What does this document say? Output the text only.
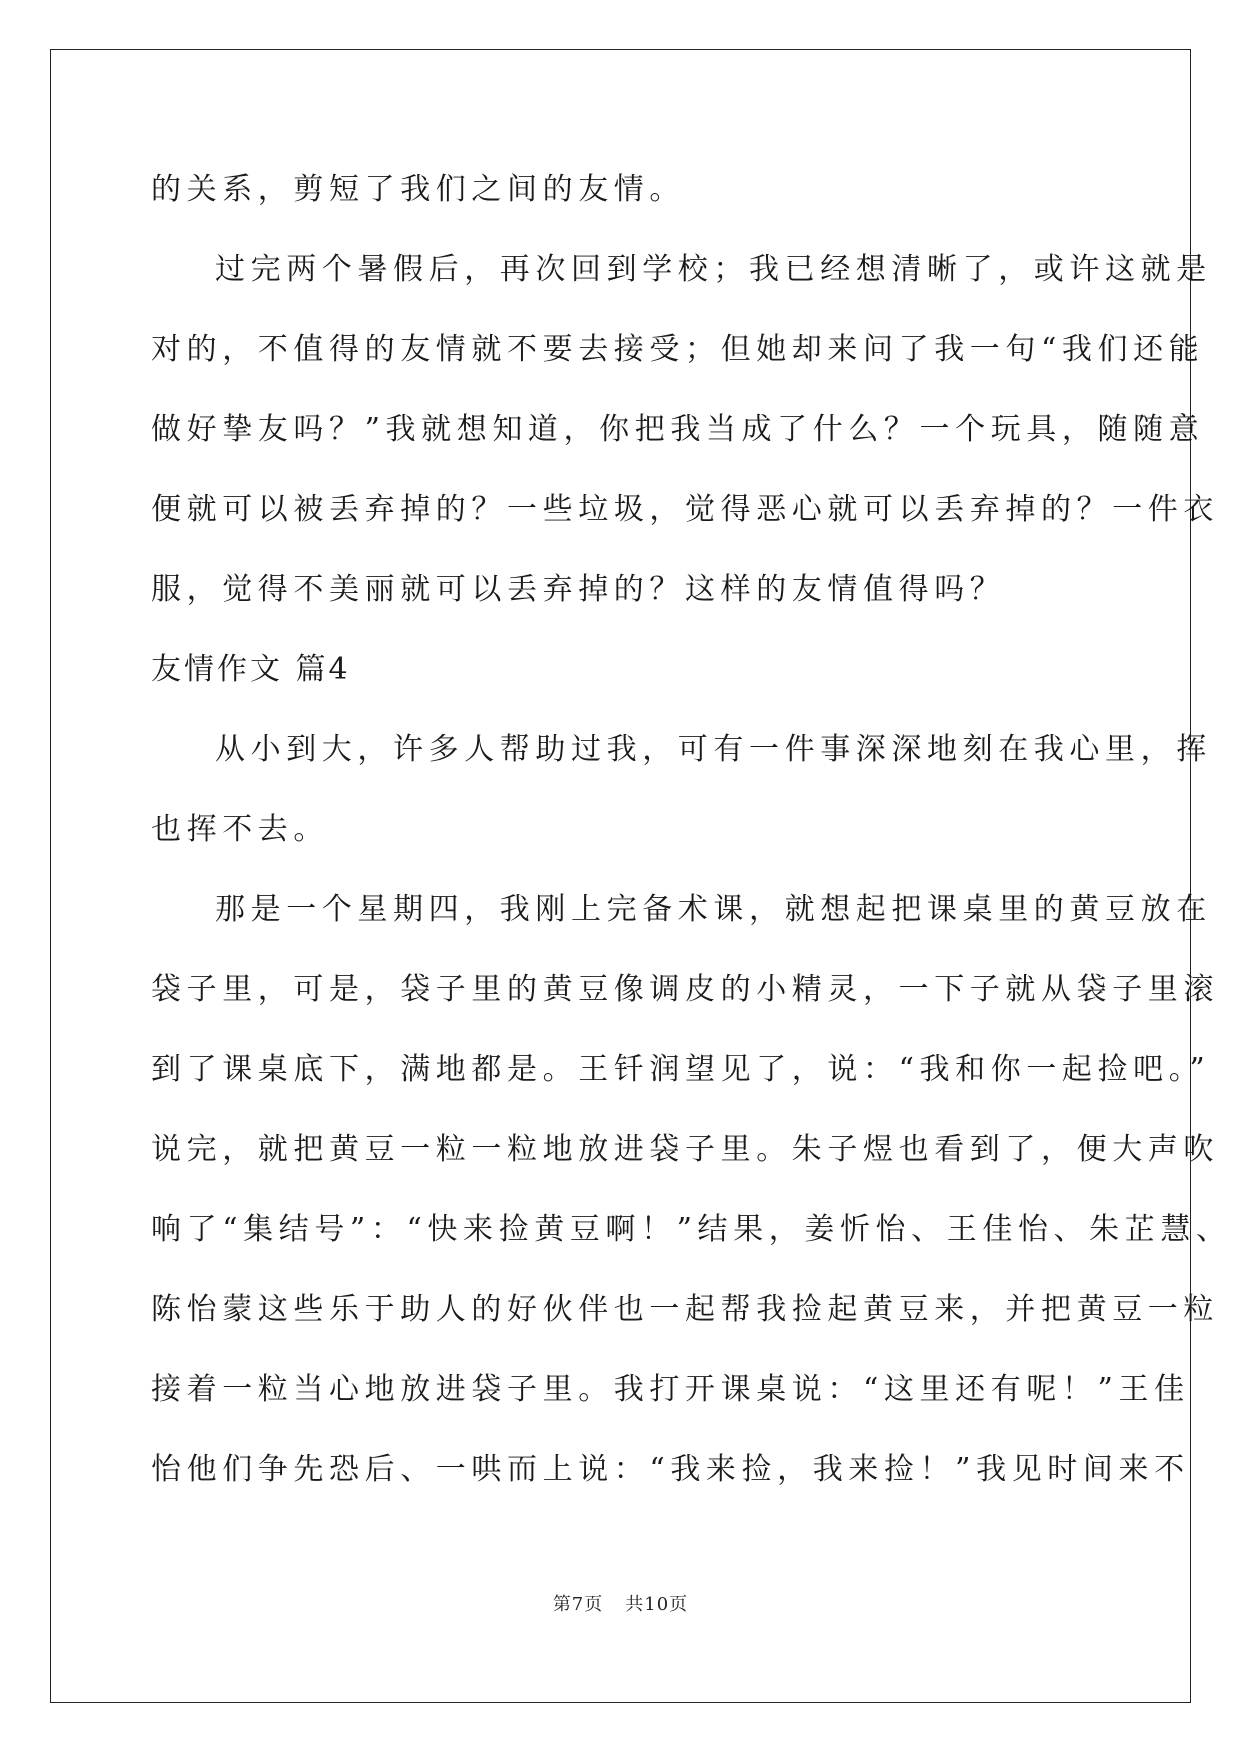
的关系，剪短了我们之间的友情。
过完两个暑假后，再次回到学校；我已经想清晰了，或许这就是
对的，不值得的友情就不要去接受；但她却来问了我一句“我们还能
做好挚友吗？”我就想知道，你把我当成了什么？一个玩具，随随意
便就可以被丢弃掉的？一些垃圾，觉得恶心就可以丢弃掉的？一件衣
服，觉得不美丽就可以丢弃掉的？这样的友情值得吗？
友情作文 篇4
从小到大，许多人帮助过我，可有一件事深深地刻在我心里，挥
也挥不去。
那是一个星期四，我刚上完备术课，就想起把课桌里的黄豆放在
袋子里，可是，袋子里的黄豆像调皮的小精灵，一下子就从袋子里滚
到了课桌底下，满地都是。王钎润望见了，说：“我和你一起捡吧。”
说完，就把黄豆一粒一粒地放进袋子里。朱子煜也看到了，便大声吹
响了“集结号”：“快来捡黄豆啊！”结果，姜忻怡、王佳怡、朱芷慧、
陈怡蒙这些乐于助人的好伙伴也一起帮我捡起黄豆来，并把黄豆一粒
接着一粒当心地放进袋子里。我打开课桌说：“这里还有呢！”王佳
怡他们争先恐后、一哄而上说：“我来捡，我来捡！”我见时间来不
第7页 共10页
